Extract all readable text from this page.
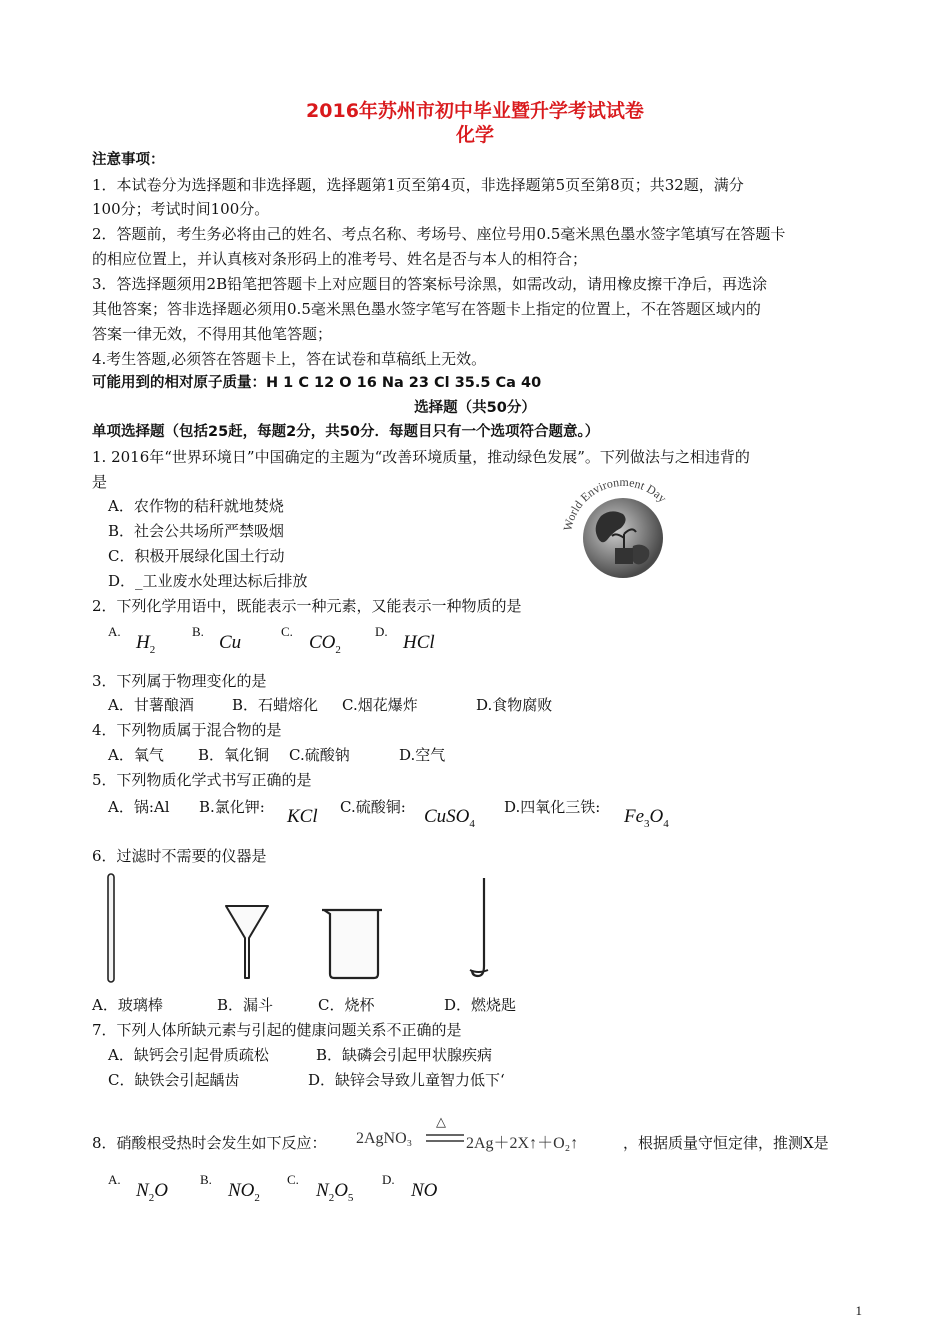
2016年苏州市初中毕业暨升学考试试卷
化学
注意事项：
1．本试卷分为选择题和非选择题，选择题第1页至第4页，非选择题第5页至第8页；共32题，满分
100分；考试时间100分。
2．答题前，考生务必将由己的姓名、考点名称、考场号、座位号用0.5毫米黑色墨水签字笔填写在答题卡
的相应位置上，并认真核对条形码上的准考号、姓名是否与本人的相符合；
3．答选择题须用2B铅笔把答题卡上对应题目的答案标号涂黑，如需改动，请用橡皮擦干净后，再选涂
其他答案；答非选择题必须用0.5毫米黑色墨水签字笔写在答题卡上指定的位置上，不在答题区域内的
答案一律无效，不得用其他笔答题；
4.考生答题,必须答在答题卡上，答在试卷和草稿纸上无效。
可能用到的相对原子质量：H 1 C 12 O 16 Na 23 Cl 35.5 Ca 40
选择题（共50分）
单项选择题（包括25赶，每题2分，共50分．每题目只有一个选项符合题意。）
1. 2016年“世界环境日”中国确定的主题为“改善环境质量，推动绿色发展”。下列做法与之相违背的
是
A．农作物的秸秆就地焚烧
B．社会公共场所严禁吸烟
C．积极开展绿化国土行动
D．_工业废水处理达标后排放
World Environment Day
2．下列化学用语中，既能表示一种元素，又能表示一种物质的是
A.
$H_2$
B.
Cu
C.
$CO_2$
D.
HCl
3．下列属于物理变化的是
A．甘薯酿酒	B．石蜡熔化 C.烟花爆炸	D.食物腐败
4．下列物质属于混合物的是
A．氧气 B．氧化铜 C.硫酸钠	D.空气
5．下列物质化学式书写正确的是
A．锅:Al B.氯化钾: KCl C.硫酸铜: CuSO$_4$
D.四氧化三铁: $Fe_3O_4$
6．过滤时不需要的仪器是
A．玻璃棒	B．漏斗	C．烧杯	D．燃烧匙
7．下列人体所缺元素与引起的健康问题关系不正确的是
A．缺钙会引起骨质疏松	B．缺磷会引起甲状腺疾病
C．缺铁会引起龋齿	D．缺锌会导致儿童智力低下‘
8．硝酸根受热时会发生如下反应： 2AgNO₃
△
2Ag＋2X↑＋O₂↑	，根据质量守恒定律，推测X是
A.
$N_2O$
B.
$NO_2$
C.
$N_2O_5$
D.
NO
1
